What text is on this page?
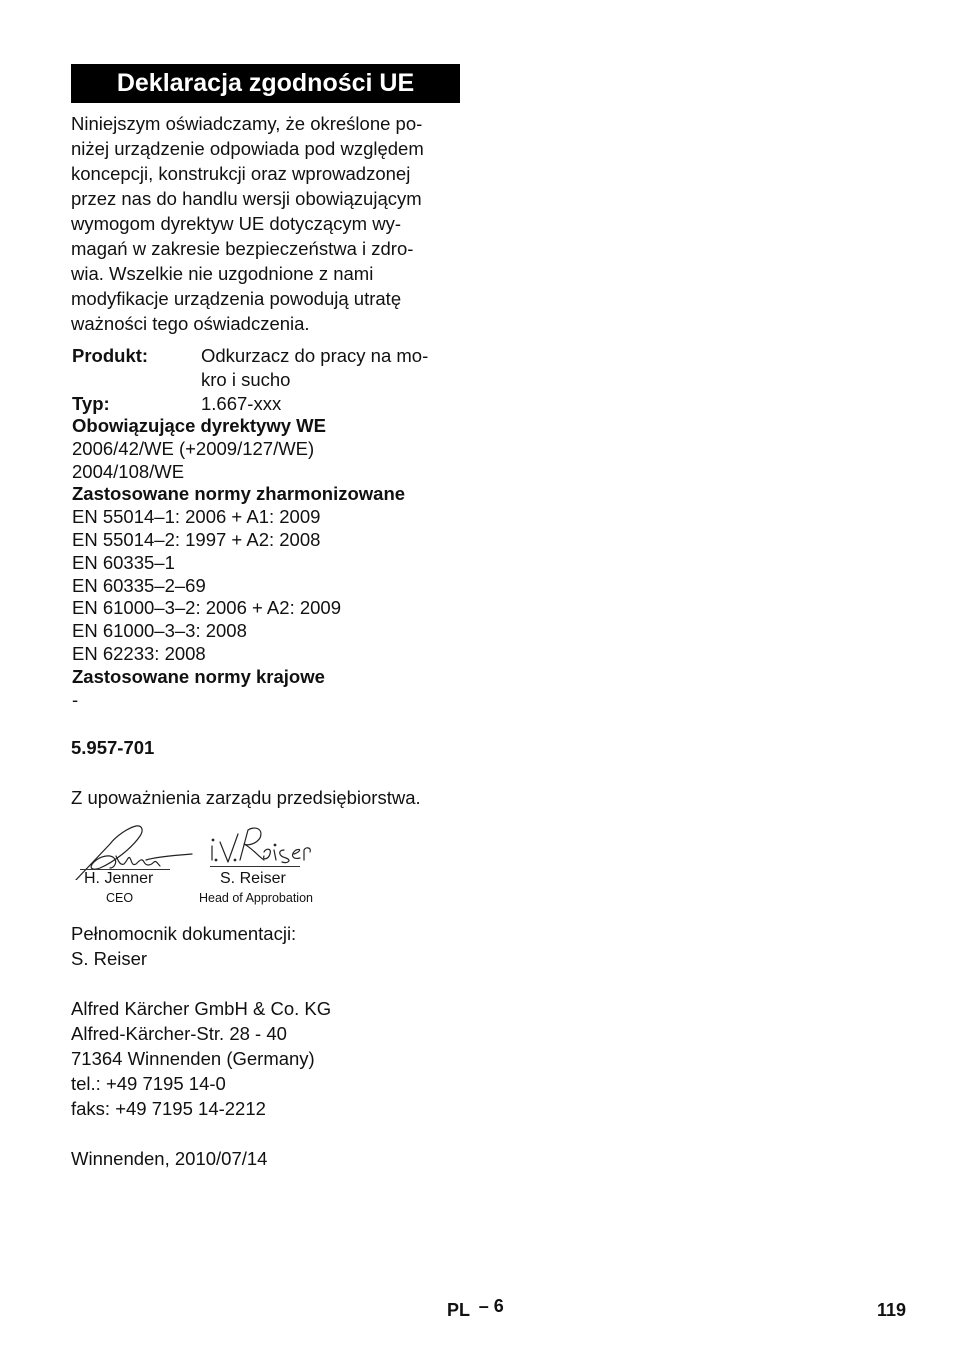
Deklaracja zgodności UE
Niniejszym oświadczamy, że określone po-
niżej urządzenie odpowiada pod względem
koncepcji, konstrukcji oraz wprowadzonej
przez nas do handlu wersji obowiązującym
wymogom dyrektyw UE dotyczącym wy-
magań w zakresie bezpieczeństwa i zdro-
wia. Wszelkie nie uzgodnione z nami
modyfikacje urządzenia powodują utratę
ważności tego oświadczenia.
Produkt:	Odkurzacz do pracy na mo-
kro i sucho
Typ:	1.667-xxx
Obowiązujące dyrektywy WE
2006/42/WE (+2009/127/WE)
2004/108/WE
Zastosowane normy zharmonizowane
EN 55014–1: 2006 + A1: 2009
EN 55014–2: 1997 + A2: 2008
EN 60335–1
EN 60335–2–69
EN 61000–3–2: 2006 + A2: 2009
EN 61000–3–3: 2008
EN 62233: 2008
Zastosowane normy krajowe
-
5.957-701
Z upoważnienia zarządu przedsiębiorstwa.
H. Jenner
CEO
S. Reiser
Head of Approbation
Pełnomocnik dokumentacji:
S. Reiser
Alfred Kärcher GmbH & Co. KG
Alfred-Kärcher-Str. 28 - 40
71364 Winnenden (Germany)
tel.: +49 7195 14-0
faks: +49 7195 14-2212
Winnenden, 2010/07/14
PL – 6	119
